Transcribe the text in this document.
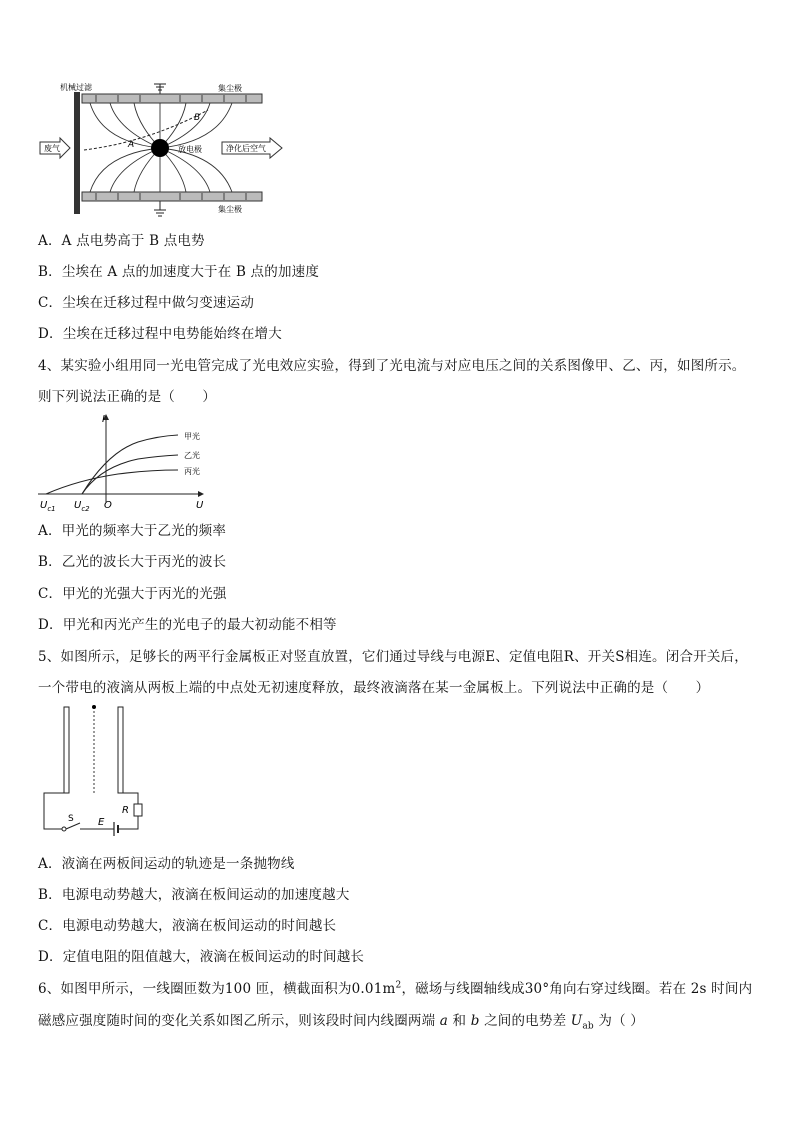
机械过滤	集尘极
集尘极
A
B
放电极
废气	净化后空气
A．A 点电势高于 B 点电势
B．尘埃在 A 点的加速度大于在 B 点的加速度
C．尘埃在迁移过程中做匀变速运动
D．尘埃在迁移过程中电势能始终在增大
4、某实验小组用同一光电管完成了光电效应实验，得到了光电流与对应电压之间的关系图像甲、乙、丙，如图所示。
则下列说法正确的是（　　）
I
U
O
$U_{c1}$ $U_{c2}$
甲光
乙光
丙光
A．甲光的频率大于乙光的频率
B．乙光的波长大于丙光的波长
C．甲光的光强大于丙光的光强
D．甲光和丙光产生的光电子的最大初动能不相等
5、如图所示，足够长的两平行金属板正对竖直放置，它们通过导线与电源E、定值电阻R、开关S相连。闭合开关后，
一个带电的液滴从两板上端的中点处无初速度释放，最终液滴落在某一金属板上。下列说法中正确的是（　　）
S E
R
A．液滴在两板间运动的轨迹是一条抛物线
B．电源电动势越大，液滴在板间运动的加速度越大
C．电源电动势越大，液滴在板间运动的时间越长
D．定值电阻的阻值越大，液滴在板间运动的时间越长
6、如图甲所示，一线圈匝数为100 匝，横截面积为$0.01m^2$，磁场与线圈轴线成30°角向右穿过线圈。若在 2s 时间内
磁感应强度随时间的变化关系如图乙所示，则该段时间内线圈两端 a 和 b 之间的电势差 $U_{ab}$ 为（ ）
